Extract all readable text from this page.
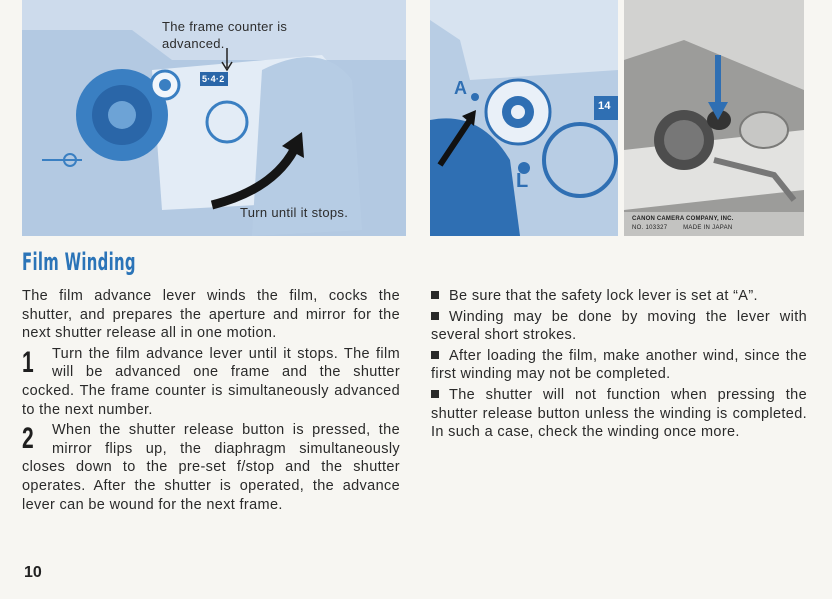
The frame counter is advanced.
Turn until it stops.
5·4·2	A
L
14
CANON CAMERA COMPANY, INC.
NO. 103327        MADE IN JAPAN
Film Winding

The film advance lever winds the film, cocks the shutter, and prepares the aperture and mirror for the next shutter release all in one motion.

1	Turn the film advance lever until it stops. The film will be advanced one frame and the shutter cocked. The frame counter is simultaneously advanced to the next number.

2	When the shutter release button is pressed, the mirror flips up, the diaphragm simultaneously closes down to the pre-set f/stop and the shutter operates. After the shutter is operated, the advance lever can be wound for the next frame.

Be sure that the safety lock lever is set at “A”.

Winding may be done by moving the lever with several short strokes.

After loading the film, make another wind, since the first winding may not be completed.

The shutter will not function when pressing the shutter release button unless the winding is completed. In such a case, check the winding once more.

10
